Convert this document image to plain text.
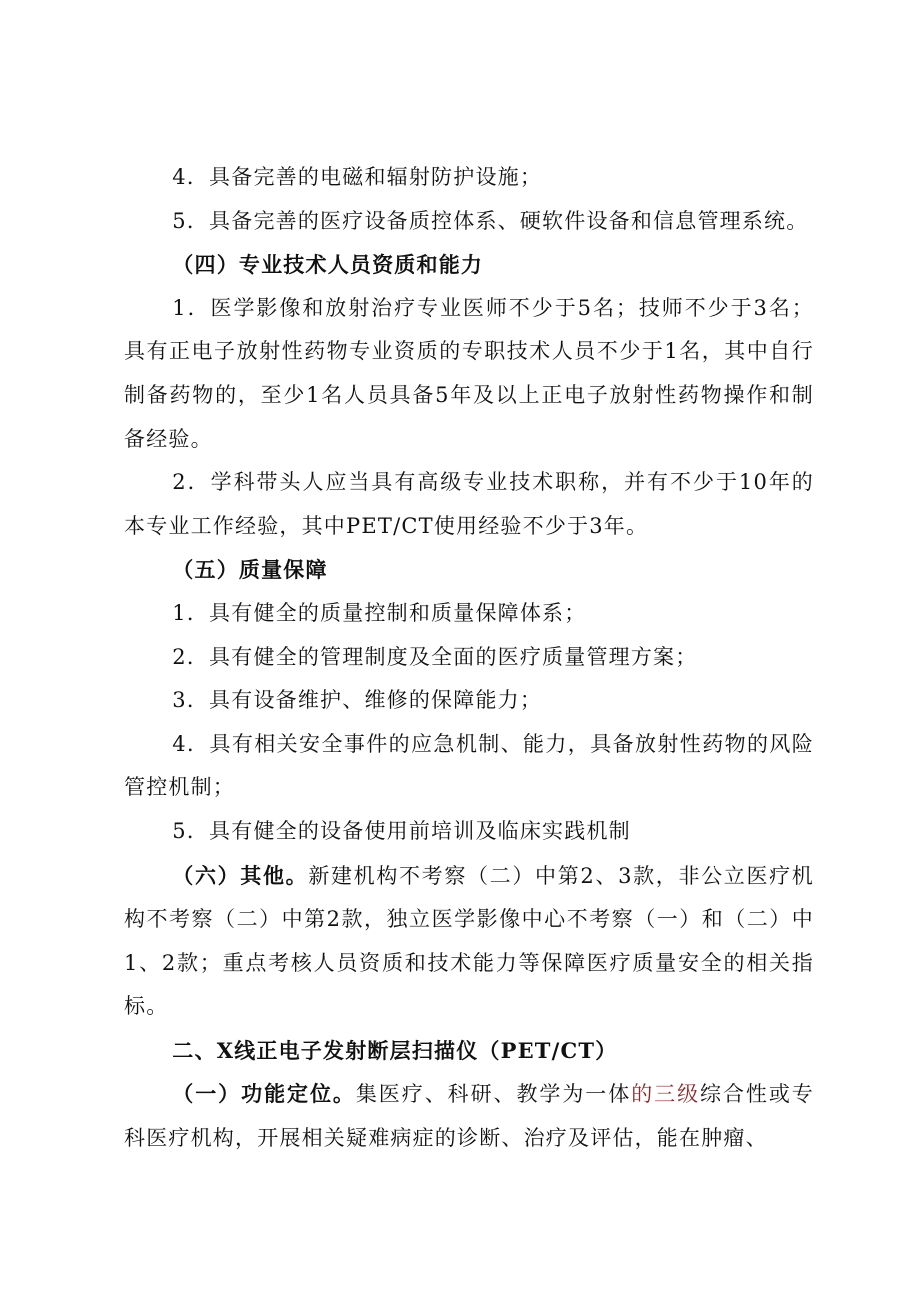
4．具备完善的电磁和辐射防护设施；

5．具备完善的医疗设备质控体系、硬软件设备和信息管理系统。

（四）专业技术人员资质和能力

1．医学影像和放射治疗专业医师不少于5名；技师不少于3名；具有正电子放射性药物专业资质的专职技术人员不少于1名，其中自行制备药物的，至少1名人员具备5年及以上正电子放射性药物操作和制备经验。

2．学科带头人应当具有高级专业技术职称，并有不少于10年的本专业工作经验，其中PET/CT使用经验不少于3年。

（五）质量保障

1．具有健全的质量控制和质量保障体系；

2．具有健全的管理制度及全面的医疗质量管理方案；

3．具有设备维护、维修的保障能力；

4．具有相关安全事件的应急机制、能力，具备放射性药物的风险管控机制；

5．具有健全的设备使用前培训及临床实践机制

（六）其他。新建机构不考察（二）中第2、3款，非公立医疗机构不考察（二）中第2款，独立医学影像中心不考察（一）和（二）中1、2款；重点考核人员资质和技术能力等保障医疗质量安全的相关指标。

二、X线正电子发射断层扫描仪（PET/CT）

（一）功能定位。集医疗、科研、教学为一体的三级综合性或专科医疗机构，开展相关疑难病症的诊断、治疗及评估，能在肿瘤、
